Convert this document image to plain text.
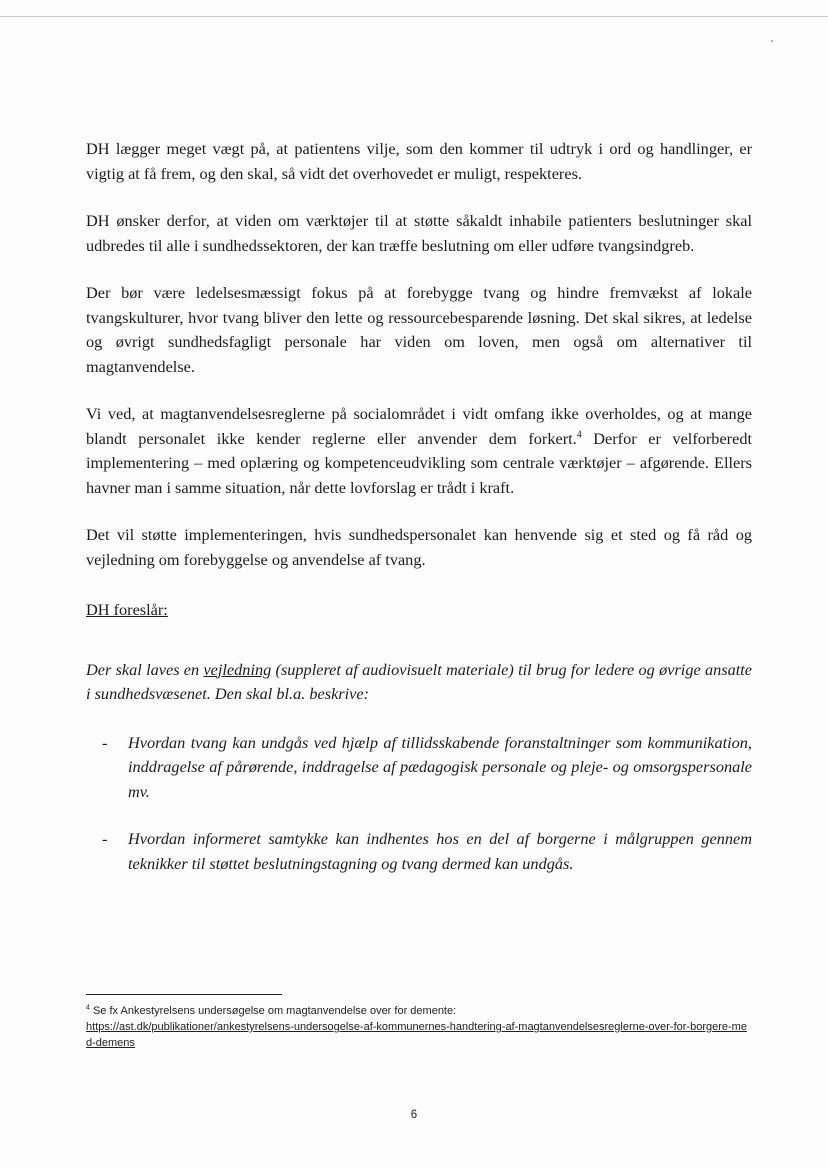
DH lægger meget vægt på, at patientens vilje, som den kommer til udtryk i ord og handlinger, er vigtig at få frem, og den skal, så vidt det overhovedet er muligt, respekteres.

DH ønsker derfor, at viden om værktøjer til at støtte såkaldt inhabile patienters beslutninger skal udbredes til alle i sundhedssektoren, der kan træffe beslutning om eller udføre tvangsindgreb.

Der bør være ledelsesmæssigt fokus på at forebygge tvang og hindre fremvækst af lokale tvangskulturer, hvor tvang bliver den lette og ressourcebesparende løsning. Det skal sikres, at ledelse og øvrigt sundhedsfagligt personale har viden om loven, men også om alternativer til magtanvendelse.

Vi ved, at magtanvendelsesreglerne på socialområdet i vidt omfang ikke overholdes, og at mange blandt personalet ikke kender reglerne eller anvender dem forkert.$^4$ Derfor er velforberedt implementering – med oplæring og kompetenceudvikling som centrale værktøjer – afgørende. Ellers havner man i samme situation, når dette lovforslag er trådt i kraft.

Det vil støtte implementeringen, hvis sundhedspersonalet kan henvende sig et sted og få råd og vejledning om forebyggelse og anvendelse af tvang.

DH foreslår:

Der skal laves en vejledning (suppleret af audiovisuelt materiale) til brug for ledere og øvrige ansatte i sundhedsvæsenet. Den skal bl.a. beskrive:

- Hvordan tvang kan undgås ved hjælp af tillidsskabende foranstaltninger som kommunikation, inddragelse af pårørende, inddragelse af pædagogisk personale og pleje- og omsorgspersonale mv.
- Hvordan informeret samtykke kan indhentes hos en del af borgerne i målgruppen gennem teknikker til støttet beslutningstagning og tvang dermed kan undgås.
$^4$ Se fx Ankestyrelsens undersøgelse om magtanvendelse over for demente:
https://ast.dk/publikationer/ankestyrelsens-undersogelse-af-kommunernes-handtering-af-magtanvendelsesreglerne-over-for-borgere-med-demens
6
